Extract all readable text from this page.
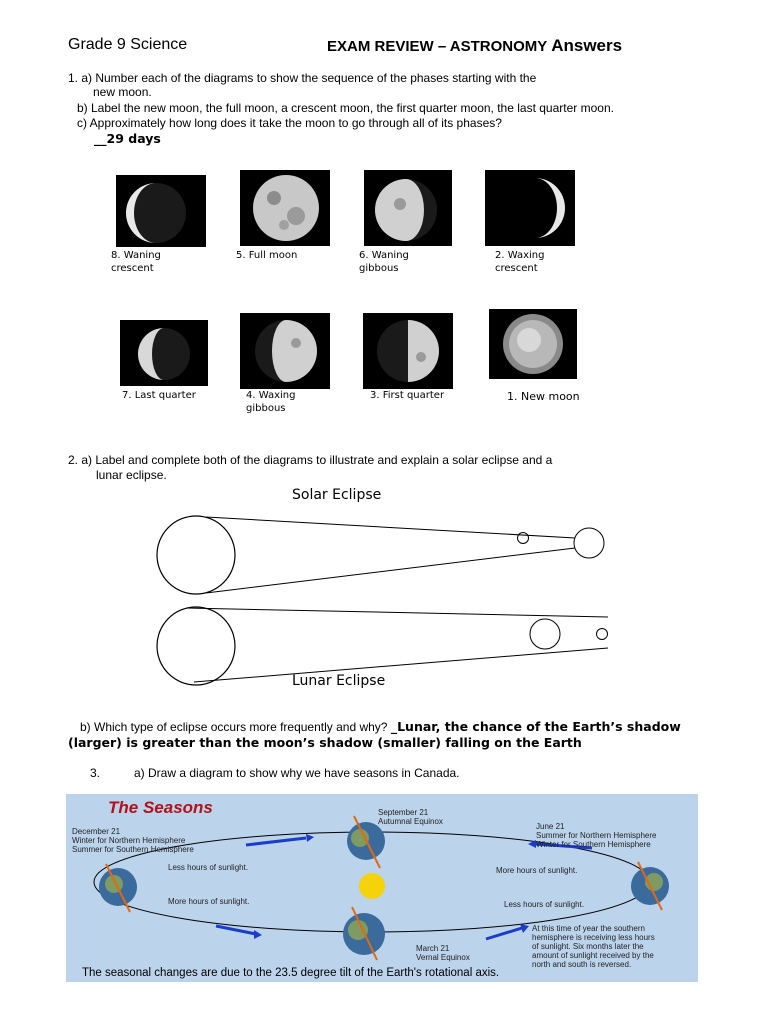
Grade 9 Science	EXAM REVIEW – ASTRONOMY Answers
1. a) Number each of the diagrams to show the sequence of the phases starting with the
new moon.
b) Label the new moon, the full moon, a crescent moon, the first quarter moon, the last quarter moon.
c) Approximately how long does it take the moon to go through all of its phases?
__29 days
8. Waning
crescent
5. Full moon	6. Waning
gibbous
2. Waxing
crescent
7. Last quarter	4. Waxing
gibbous
3. First quarter	1. New moon
2. a) Label and complete both of the diagrams to illustrate and explain a solar eclipse and a
lunar eclipse.
Solar Eclipse
Lunar Eclipse
b) Which type of eclipse occurs more frequently and why? _Lunar, the chance of the Earth’s shadow
(larger) is greater than the moon’s shadow (smaller) falling on the Earth
3.	a) Draw a diagram to show why we have seasons in Canada.
The Seasons	September 21
Autumnal Equinox
June 21
Summer for Northern Hemisphere
Winter for Southern Hemisphere
December 21
Winter for Northern Hemisphere
Summer for Southern Hemisphere
Less hours of sunlight.
More hours of sunlight.
More hours of sunlight.
Less hours of sunlight.
March 21
Vernal Equinox
At this time of year the southern
hemisphere is receiving less hours
of sunlight. Six months later the
amount of sunlight received by the
north and south is reversed.
The seasonal changes are due to the 23.5 degree tilt of the Earth's rotational axis.
